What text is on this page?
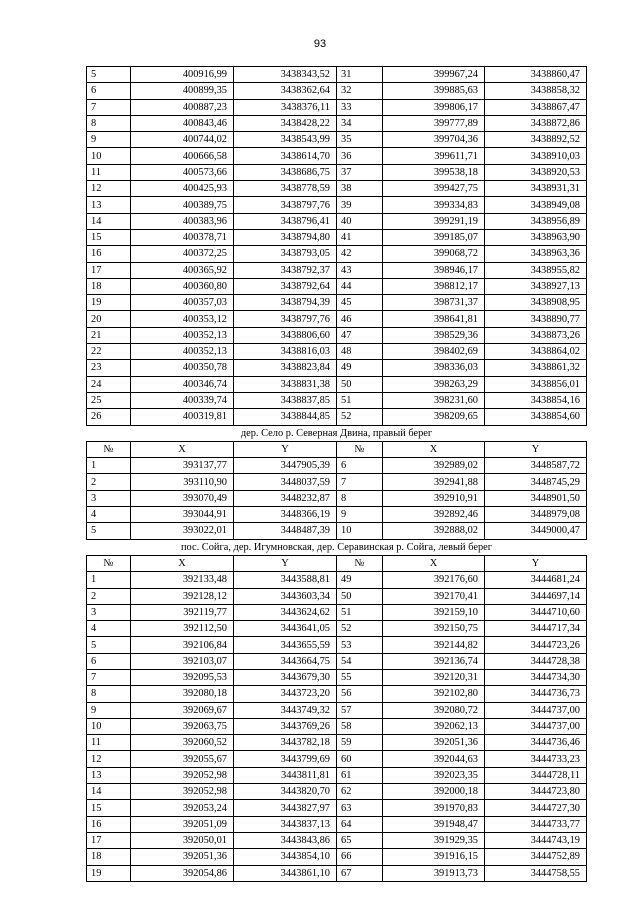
93
5	400916,99	3438343,52	31	399967,24	3438860,47
6	400899,35	3438362,64	32	399885,63	3438858,32
7	400887,23	3438376,11	33	399806,17	3438867,47
8	400843,46	3438428,22	34	399777,89	3438872,86
9	400744,02	3438543,99	35	399704,36	3438892,52
10	400666,58	3438614,70	36	399611,71	3438910,03
11	400573,66	3438686,75	37	399538,18	3438920,53
12	400425,93	3438778,59	38	399427,75	3438931,31
13	400389,75	3438797,76	39	399334,83	3438949,08
14	400383,96	3438796,41	40	399291,19	3438956,89
15	400378,71	3438794,80	41	399185,07	3438963,90
16	400372,25	3438793,05	42	399068,72	3438963,36
17	400365,92	3438792,37	43	398946,17	3438955,82
18	400360,80	3438792,64	44	398812,17	3438927,13
19	400357,03	3438794,39	45	398731,37	3438908,95
20	400353,12	3438797,76	46	398641,81	3438890,77
21	400352,13	3438806,60	47	398529,36	3438873,26
22	400352,13	3438816,03	48	398402,69	3438864,02
23	400350,78	3438823,84	49	398336,03	3438861,32
24	400346,74	3438831,38	50	398263,29	3438856,01
25	400339,74	3438837,85	51	398231,60	3438854,16
26	400319,81	3438844,85	52	398209,65	3438854,60
дер. Село р. Северная Двина, правый берег					
№	X	Y	№	X	Y
1	393137,77	3447905,39	6	392989,02	3448587,72
2	393110,90	3448037,59	7	392941,88	3448745,29
3	393070,49	3448232,87	8	392910,91	3448901,50
4	393044,91	3448366,19	9	392892,46	3448979,08
5	393022,01	3448487,39	10	392888,02	3449000,47
пос. Сойга, дер. Игумновская, дер. Серавинская р. Сойга, левый берег					
№	X	Y	№	X	Y
1	392133,48	3443588,81	49	392176,60	3444681,24
2	392128,12	3443603,34	50	392170,41	3444697,14
3	392119,77	3443624,62	51	392159,10	3444710,60
4	392112,50	3443641,05	52	392150,75	3444717,34
5	392106,84	3443655,59	53	392144,82	3444723,26
6	392103,07	3443664,75	54	392136,74	3444728,38
7	392095,53	3443679,30	55	392120,31	3444734,30
8	392080,18	3443723,20	56	392102,80	3444736,73
9	392069,67	3443749,32	57	392080,72	3444737,00
10	392063,75	3443769,26	58	392062,13	3444737,00
11	392060,52	3443782,18	59	392051,36	3444736,46
12	392055,67	3443799,69	60	392044,63	3444733,23
13	392052,98	3443811,81	61	392023,35	3444728,11
14	392052,98	3443820,70	62	392000,18	3444723,80
15	392053,24	3443827,97	63	391970,83	3444727,30
16	392051,09	3443837,13	64	391948,47	3444733,77
17	392050,01	3443843,86	65	391929,35	3444743,19
18	392051,36	3443854,10	66	391916,15	3444752,89
19	392054,86	3443861,10	67	391913,73	3444758,55
